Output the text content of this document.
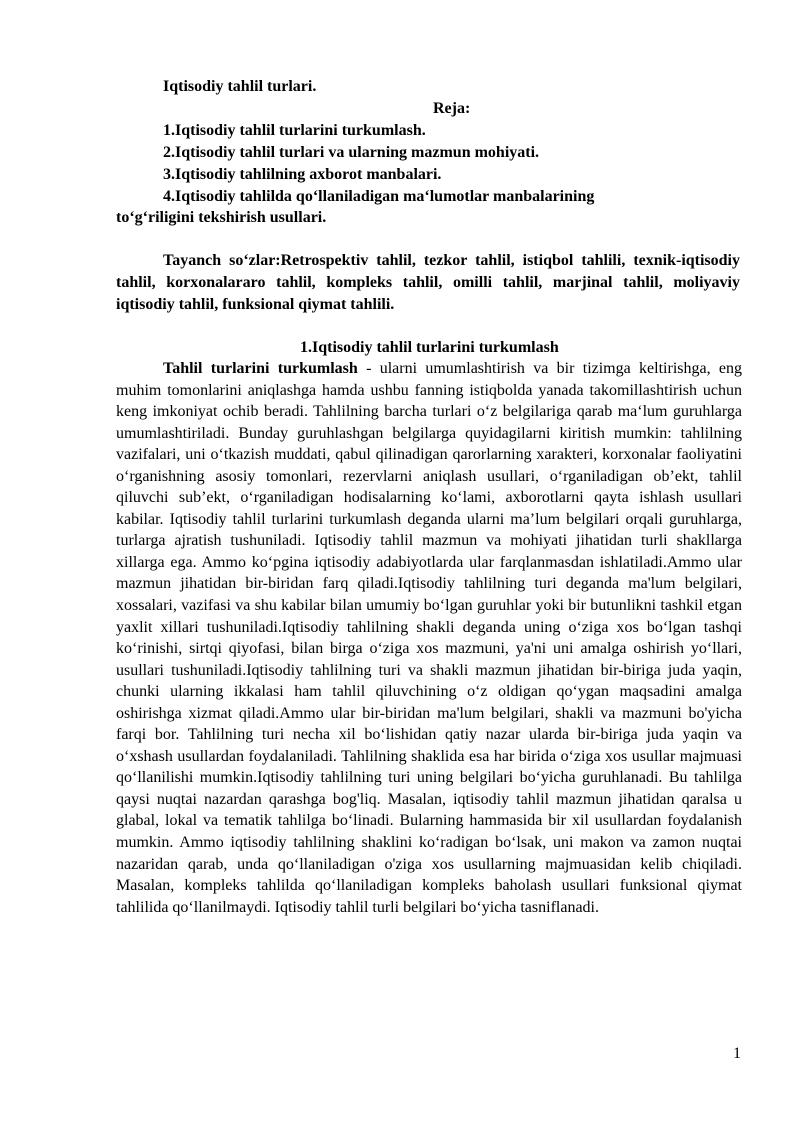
Iqtisodiy tahlil turlari.
Reja:
1.Iqtisodiy tahlil turlarini turkumlash.
2.Iqtisodiy tahlil turlari va ularning mazmun mohiyati.
3.Iqtisodiy tahlilning axborot manbalari.
4.Iqtisodiy tahlilda qo‘llaniladigan ma‘lumotlar manbalarining
to‘g‘riligini tekshirish usullari.
Tayanch so‘zlar:Retrospektiv tahlil, tezkor tahlil, istiqbol tahlili, texnik-iqtisodiy tahlil, korxonalararo tahlil, kompleks tahlil, omilli tahlil, marjinal tahlil, moliyaviy iqtisodiy tahlil, funksional qiymat tahlili.
1.Iqtisodiy tahlil turlarini turkumlash
Tahlil turlarini turkumlash - ularni umumlashtirish va bir tizimga keltirishga, eng muhim tomonlarini aniqlashga hamda ushbu fanning istiqbolda yanada takomillashtirish uchun keng imkoniyat ochib beradi. Tahlilning barcha turlari o‘z belgilariga qarab ma‘lum guruhlarga umumlashtiriladi. Bunday guruhlashgan belgilarga quyidagilarni kiritish mumkin: tahlilning vazifalari, uni o‘tkazish muddati, qabul qilinadigan qarorlarning xarakteri, korxonalar faoliyatini o‘rganishning asosiy tomonlari, rezervlarni aniqlash usullari, o‘rganiladigan ob’ekt, tahlil qiluvchi sub’ekt, o‘rganiladigan hodisalarning ko‘lami, axborotlarni qayta ishlash usullari kabilar. Iqtisodiy tahlil turlarini turkumlash deganda ularni ma’lum belgilari orqali guruhlarga, turlarga ajratish tushuniladi. Iqtisodiy tahlil mazmun va mohiyati jihatidan turli shakllarga xillarga ega. Ammo ko‘pgina iqtisodiy adabiyotlarda ular farqlanmasdan ishlatiladi.Ammo ular mazmun jihatidan bir-biridan farq qiladi.Iqtisodiy tahlilning turi deganda ma'lum belgilari, xossalari, vazifasi va shu kabilar bilan umumiy bo‘lgan guruhlar yoki bir butunlikni tashkil etgan yaxlit xillari tushuniladi.Iqtisodiy tahlilning shakli deganda uning o‘ziga xos bo‘lgan tashqi ko‘rinishi, sirtqi qiyofasi, bilan birga o‘ziga xos mazmuni, ya'ni uni amalga oshirish yo‘llari, usullari tushuniladi.Iqtisodiy tahlilning turi va shakli mazmun jihatidan bir-biriga juda yaqin, chunki ularning ikkalasi ham tahlil qiluvchining o‘z oldigan qo‘ygan maqsadini amalga oshirishga xizmat qiladi.Ammo ular bir-biridan ma'lum belgilari, shakli va mazmuni bo'yicha farqi bor. Tahlilning turi necha xil bo‘lishidan qatiy nazar ularda bir-biriga juda yaqin va o‘xshash usullardan foydalaniladi. Tahlilning shaklida esa har birida o‘ziga xos usullar majmuasi qo‘llanilishi mumkin.Iqtisodiy tahlilning turi uning belgilari bo‘yicha guruhlanadi. Bu tahlilga qaysi nuqtai nazardan qarashga bog'liq. Masalan, iqtisodiy tahlil mazmun jihatidan qaralsa u glabal, lokal va tematik tahlilga bo‘linadi. Bularning hammasida bir xil usullardan foydalanish mumkin. Ammo iqtisodiy tahlilning shaklini ko‘radigan bo‘lsak, uni makon va zamon nuqtai nazaridan qarab, unda qo‘llaniladigan o'ziga xos usullarning majmuasidan kelib chiqiladi. Masalan, kompleks tahlilda qo‘llaniladigan kompleks baholash usullari funksional qiymat tahlilida qo‘llanilmaydi. Iqtisodiy tahlil turli belgilari bo‘yicha tasniflanadi.
1
